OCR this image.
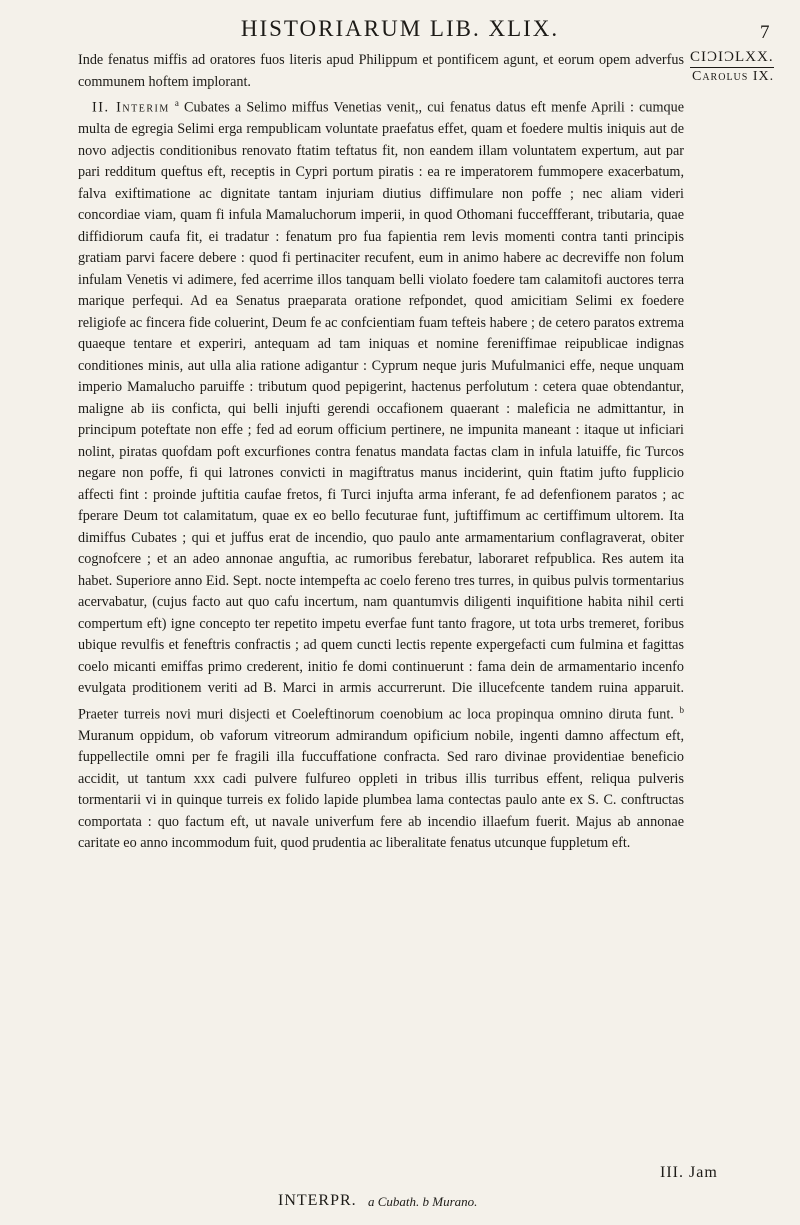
HISTORIARUM LIB. XLIX.	7
CIƆIƆLXX.
Carolus IX.

Inde fenatus miffis ad oratores fuos literis apud Philippum et pontificem agunt, et eorum opem adverfus communem hoftem implorant.

II. Interim $^a$ Cubates a Selimo miffus Venetias venit,, cui fenatus datus eft menfe Aprili : cumque multa de egregia Selimi erga rempublicam voluntate praefatus effet, quam et foedere multis iniquis aut de novo adjectis conditionibus renovato ftatim teftatus fit, non eandem illam voluntatem expertum, aut par pari redditum queftus eft, receptis in Cypri portum piratis : ea re imperatorem fummopere exacerbatum, falva exiftimatione ac dignitate tantam injuriam diutius diffimulare non poffe ; nec aliam videri concordiae viam, quam fi infula Mamaluchorum imperii, in quod Othomani fucceffferant, tributaria, quae diffidiorum caufa fit, ei tradatur : fenatum pro fua fapientia rem levis momenti contra tanti principis gratiam parvi facere debere : quod fi pertinaciter recufent, eum in animo habere ac decreviffe non folum infulam Venetis vi adimere, fed acerrime illos tanquam belli violato foedere tam calamitofi auctores terra marique perfequi. Ad ea Senatus praeparata oratione refpondet, quod amicitiam Selimi ex foedere religiofe ac fincera fide coluerint, Deum fe ac confcientiam fuam tefteis habere ; de cetero paratos extrema quaeque tentare et experiri, antequam ad tam iniquas et nomine fereniffimae reipublicae indignas conditiones minis, aut ulla alia ratione adigantur : Cyprum neque juris Mufulmanici effe, neque unquam imperio Mamalucho paruiffe : tributum quod pepigerint, hactenus perfolutum : cetera quae obtendantur, maligne ab iis conficta, qui belli injufti gerendi occafionem quaerant : maleficia ne admittantur, in principum poteftate non effe ; fed ad eorum officium pertinere, ne impunita maneant : itaque ut inficiari nolint, piratas quofdam poft excurfiones contra fenatus mandata factas clam in infula latuiffe, fic Turcos negare non poffe, fi qui latrones convicti in magiftratus manus inciderint, quin ftatim jufto fupplicio affecti fint : proinde juftitia caufae fretos, fi Turci injufta arma inferant, fe ad defenfionem paratos ; ac fperare Deum tot calamitatum, quae ex eo bello fecuturae funt, juftiffimum ac certiffimum ultorem. Ita dimiffus Cubates ; qui et juffus erat de incendio, quo paulo ante armamentarium conflagraverat, obiter cognofcere ; et an adeo annonae anguftia, ac rumoribus ferebatur, laboraret refpublica. Res autem ita habet. Superiore anno Eid. Sept. nocte intempefta ac coelo fereno tres turres, in quibus pulvis tormentarius acervabatur, (cujus facto aut quo cafu incertum, nam quantumvis diligenti inquifitione habita nihil certi compertum eft) igne concepto ter repetito impetu everfae funt tanto fragore, ut tota urbs tremeret, foribus ubique revulfis et feneftris confractis ; ad quem cuncti lectis repente expergefacti cum fulmina et fagittas coelo micanti emiffas primo crederent, initio fe domi continuerunt : fama dein de armamentario incenfo evulgata proditionem veriti ad B. Marci in armis accurrerunt. Die illucefcente tandem ruina apparuit. Praeter turreis novi muri disjecti et Coeleftinorum coenobium ac loca propinqua omnino diruta funt. $^b$ Muranum oppidum, ob vaforum vitreorum admirandum opificium nobile, ingenti damno affectum eft, fuppellectile omni per fe fragili illa fuccuffatione confracta. Sed raro divinae providentiae beneficio accidit, ut tantum xxx cadi pulvere fulfureo oppleti in tribus illis turribus effent, reliqua pulveris tormentarii vi in quinque turreis ex folido lapide plumbea lama contectas paulo ante ex S. C. conftructas comportata : quo factum eft, ut navale univerfum fere ab incendio illaefum fuerit. Majus ab annonae caritate eo anno incommodum fuit, quod prudentia ac liberalitate fenatus utcunque fuppletum eft.

III. Jam
INTERPR. a Cubath. b Murano.
